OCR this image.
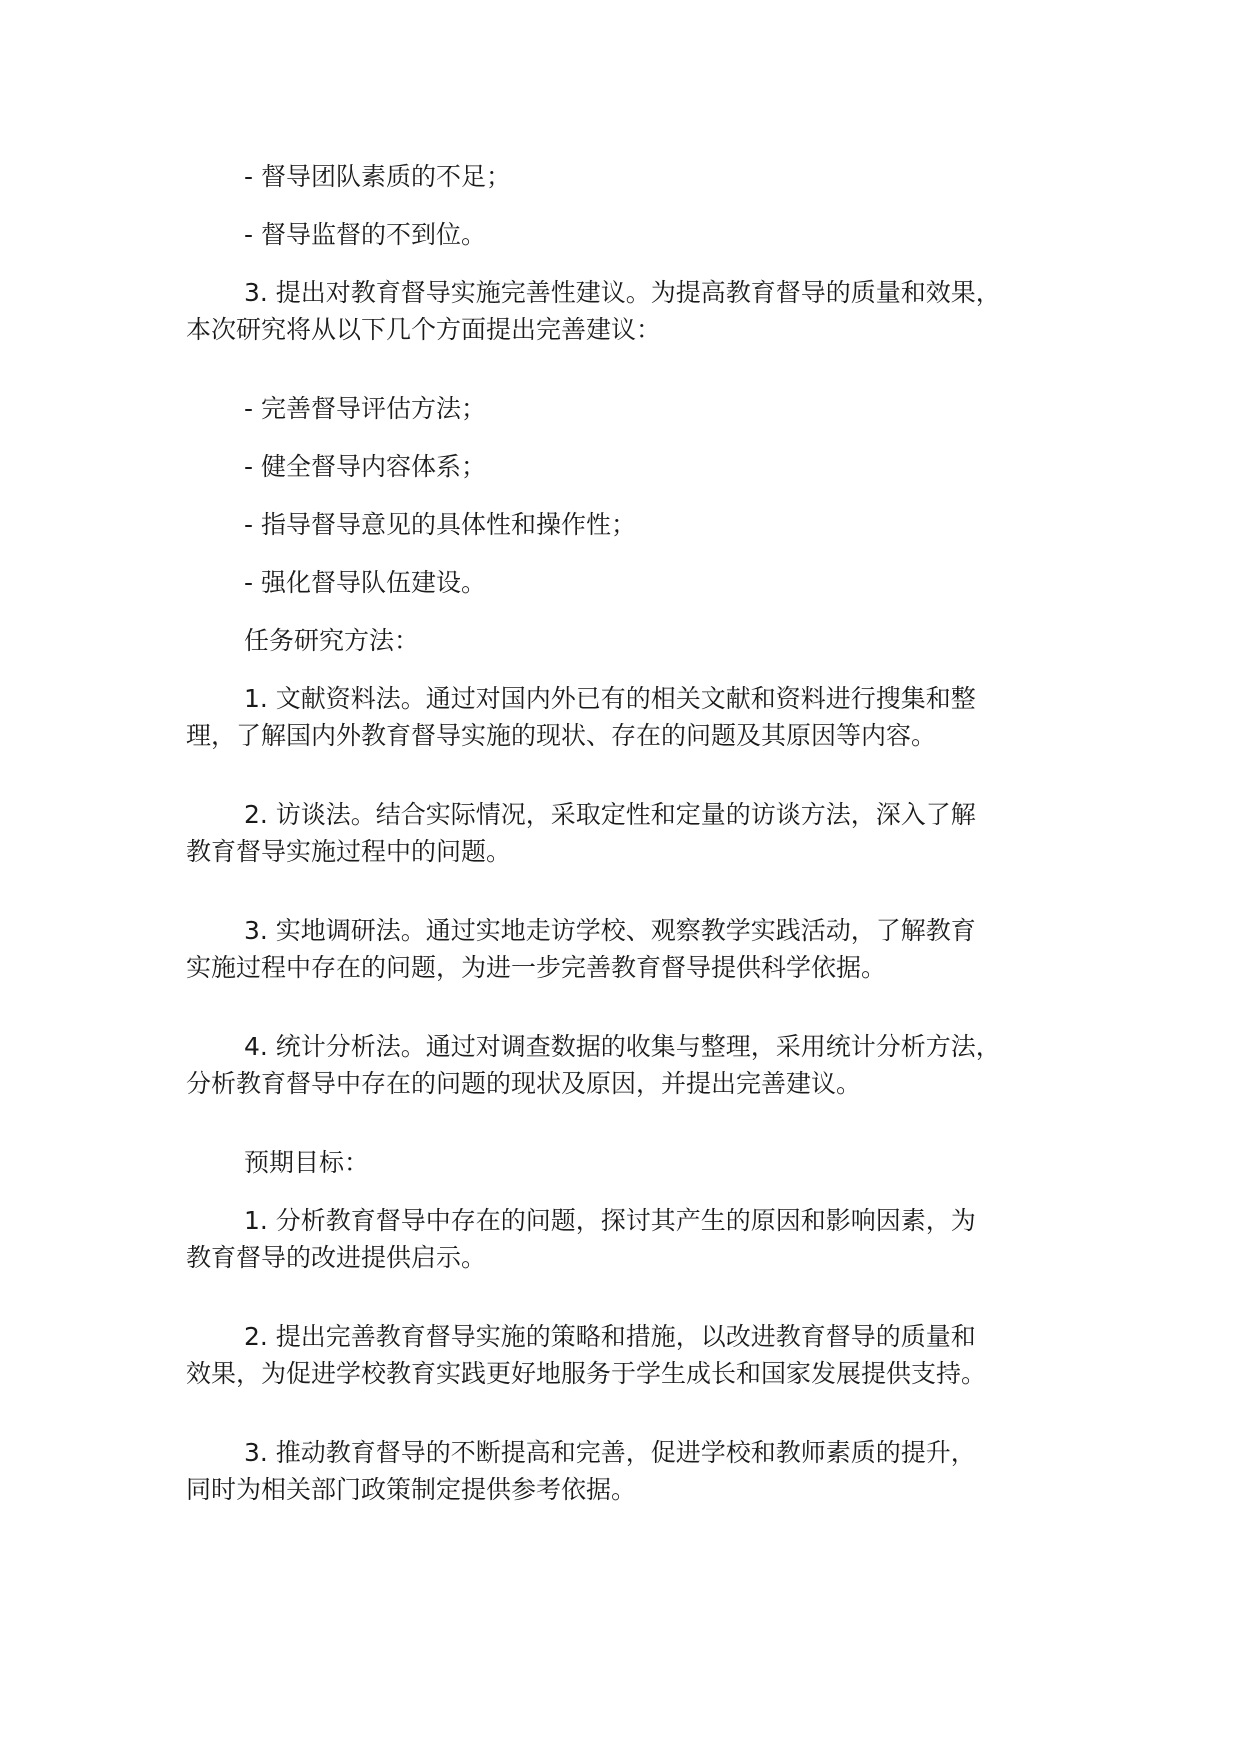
- 督导团队素质的不足；

- 督导监督的不到位。

3. 提出对教育督导实施完善性建议。为提高教育督导的质量和效果，
本次研究将从以下几个方面提出完善建议：

- 完善督导评估方法；

- 健全督导内容体系；

- 指导督导意见的具体性和操作性；

- 强化督导队伍建设。

任务研究方法：

1. 文献资料法。通过对国内外已有的相关文献和资料进行搜集和整
理，了解国内外教育督导实施的现状、存在的问题及其原因等内容。

2. 访谈法。结合实际情况，采取定性和定量的访谈方法，深入了解
教育督导实施过程中的问题。

3. 实地调研法。通过实地走访学校、观察教学实践活动，了解教育
实施过程中存在的问题，为进一步完善教育督导提供科学依据。

4. 统计分析法。通过对调查数据的收集与整理，采用统计分析方法，
分析教育督导中存在的问题的现状及原因，并提出完善建议。

预期目标：

1. 分析教育督导中存在的问题，探讨其产生的原因和影响因素，为
教育督导的改进提供启示。

2. 提出完善教育督导实施的策略和措施，以改进教育督导的质量和
效果，为促进学校教育实践更好地服务于学生成长和国家发展提供支持。

3. 推动教育督导的不断提高和完善，促进学校和教师素质的提升，
同时为相关部门政策制定提供参考依据。
